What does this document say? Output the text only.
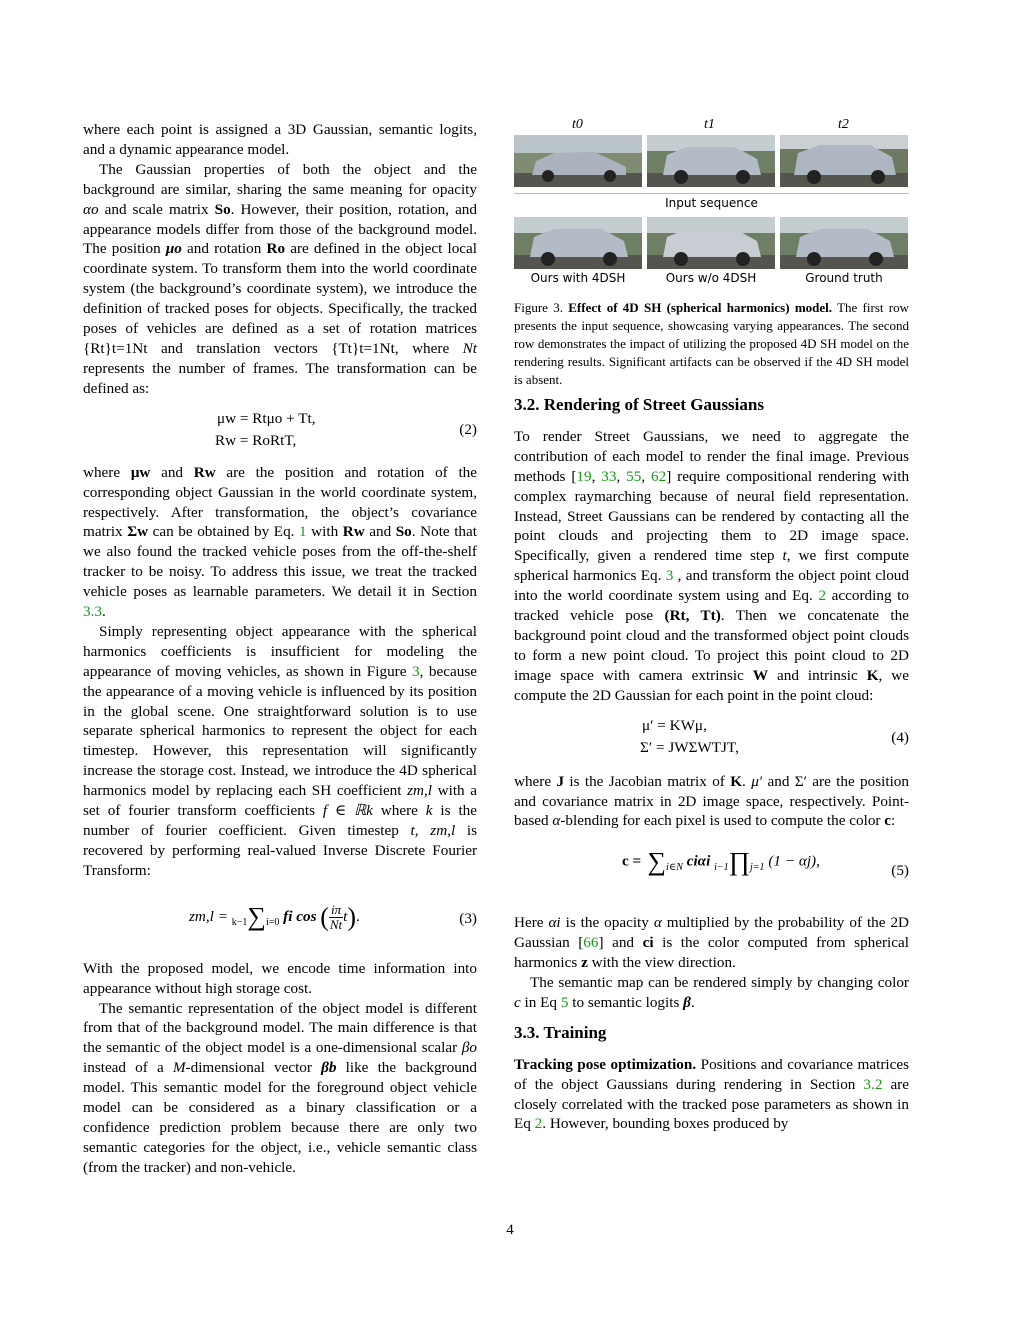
where each point is assigned a 3D Gaussian, semantic logits, and a dynamic appearance model.

The Gaussian properties of both the object and the background are similar, sharing the same meaning for opacity αo and scale matrix So. However, their position, rotation, and appearance models differ from those of the background model. The position μo and rotation Ro are defined in the object local coordinate system. To transform them into the world coordinate system (the background’s coordinate system), we introduce the definition of tracked poses for objects. Specifically, the tracked poses of vehicles are defined as a set of rotation matrices {Rt}t=1Nt and translation vectors {Tt}t=1Nt, where Nt represents the number of frames. The transformation can be defined as:

μw = Rtμo + Tt,
Rw = RoRtT,
(2)

where μw and Rw are the position and rotation of the corresponding object Gaussian in the world coordinate system, respectively. After transformation, the object’s covariance matrix Σw can be obtained by Eq. 1 with Rw and So. Note that we also found the tracked vehicle poses from the off-the-shelf tracker to be noisy. To address this issue, we treat the tracked vehicle poses as learnable parameters. We detail it in Section 3.3.

Simply representing object appearance with the spherical harmonics coefficients is insufficient for modeling the appearance of moving vehicles, as shown in Figure 3, because the appearance of a moving vehicle is influenced by its position in the global scene. One straightforward solution is to use separate spherical harmonics to represent the object for each timestep. However, this representation will significantly increase the storage cost. Instead, we introduce the 4D spherical harmonics model by replacing each SH coefficient zm,l with a set of fourier transform coefficients f ∈ ℝk where k is the number of fourier coefficient. Given timestep t, zm,l is recovered by performing real-valued Inverse Discrete Fourier Transform:

zm,l = k−1∑i=0 fi cos ( $\frac{i\pi}{Nt} t$).	(3)

With the proposed model, we encode time information into appearance without high storage cost.

The semantic representation of the object model is different from that of the background model. The main difference is that the semantic of the object model is a one-dimensional scalar βo instead of a M-dimensional vector βb like the background model. This semantic model for the foreground object vehicle model can be considered as a binary classification or a confidence prediction problem because there are only two semantic categories for the object, i.e., vehicle semantic class (from the tracker) and non-vehicle.

t0	t1	t2
Input sequence
Ours with 4DSH	Ours w/o 4DSH	Ground truth

Figure 3. Effect of 4D SH (spherical harmonics) model. The first row presents the input sequence, showcasing varying appearances. The second row demonstrates the impact of utilizing the proposed 4D SH model on the rendering results. Significant artifacts can be observed if the 4D SH model is absent.

3.2. Rendering of Street Gaussians

To render Street Gaussians, we need to aggregate the contribution of each model to render the final image. Previous methods [19, 33, 55, 62] require compositional rendering with complex raymarching because of neural field representation. Instead, Street Gaussians can be rendered by contacting all the point clouds and projecting them to 2D image space. Specifically, given a rendered time step t, we first compute spherical harmonics Eq. 3 , and transform the object point cloud into the world coordinate system using and Eq. 2 according to tracked vehicle pose (Rt, Tt). Then we concatenate the background point cloud and the transformed object point clouds to form a new point cloud. To project this point cloud to 2D image space with camera extrinsic W and intrinsic K, we compute the 2D Gaussian for each point in the point cloud:

μ′ = KWμ,
Σ′ = JWΣWTJT,
(4)

where J is the Jacobian matrix of K. μ′ and Σ′ are the position and covariance matrix in 2D image space, respectively. Point-based α-blending for each pixel is used to compute the color c:

c = ∑i∈N ciαi i−1∏j=1 (1 − αj),
(5)

Here αi is the opacity α multiplied by the probability of the 2D Gaussian [66] and ci is the color computed from spherical harmonics z with the view direction.

The semantic map can be rendered simply by changing color c in Eq 5 to semantic logits β.

3.3. Training

Tracking pose optimization. Positions and covariance matrices of the object Gaussians during rendering in Section 3.2 are closely correlated with the tracked pose parameters as shown in Eq 2. However, bounding boxes produced by

4
